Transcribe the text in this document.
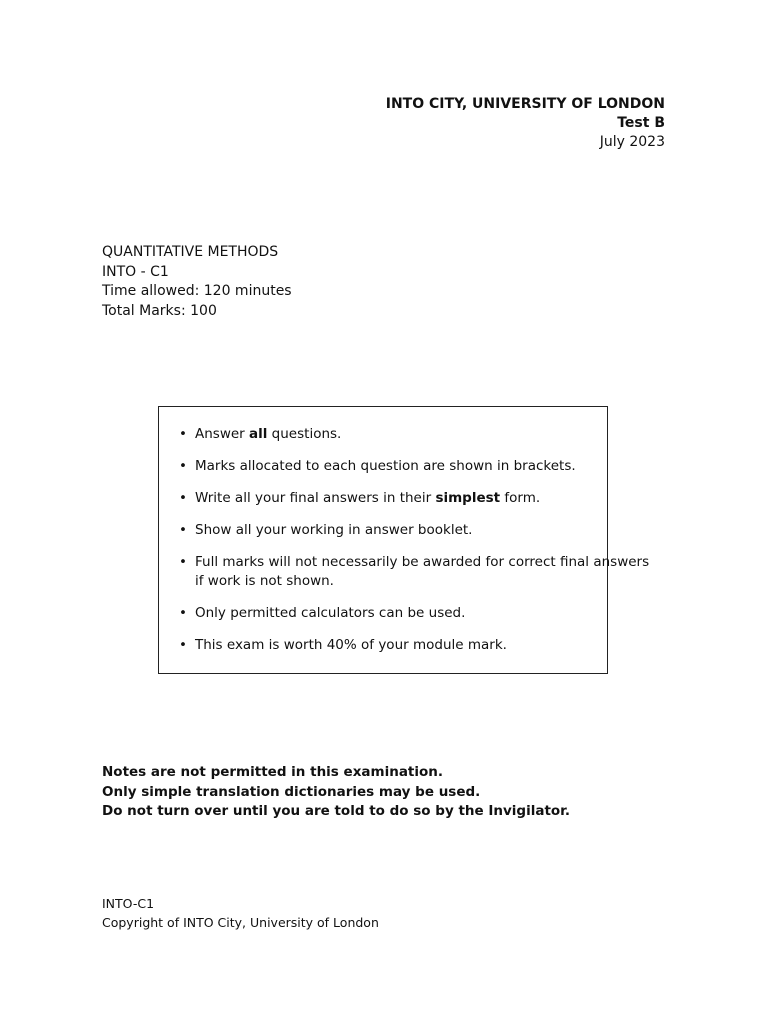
INTO CITY, UNIVERSITY OF LONDON
Test B
July 2023
QUANTITATIVE METHODS
INTO - C1
Time allowed: 120 minutes
Total Marks: 100
• Answer all questions.
• Marks allocated to each question are shown in brackets.
• Write all your final answers in their simplest form.
• Show all your working in answer booklet.
• Full marks will not necessarily be awarded for correct final answers
if work is not shown.
• Only permitted calculators can be used.
• This exam is worth 40% of your module mark.
Notes are not permitted in this examination.
Only simple translation dictionaries may be used.
Do not turn over until you are told to do so by the Invigilator.
INTO-C1
Copyright of INTO City, University of London
